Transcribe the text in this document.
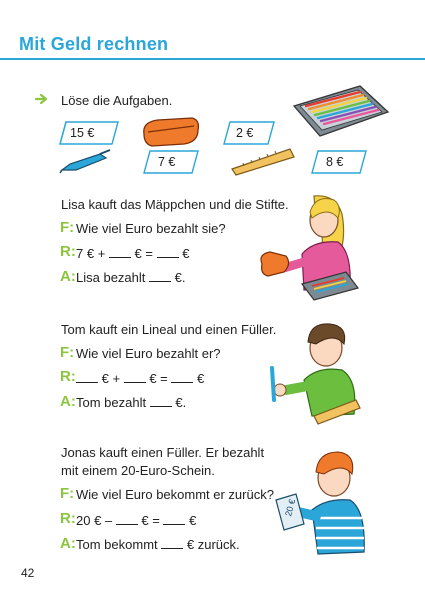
Mit Geld rechnen
Löse die Aufgaben.
15 €
7 €
2 €
8 €
Lisa kauft das Mäppchen und die Stifte.
F: Wie viel Euro bezahlt sie?
R: 7 € + € = €
A: Lisa bezahlt €.
Tom kauft ein Lineal und einen Füller.
F: Wie viel Euro bezahlt er?
R:	€ + € = €
A: Tom bezahlt €.
Jonas kauft einen Füller. Er bezahlt
mit einem 20-Euro-Schein.
F: Wie viel Euro bekommt er zurück?
R: 20 € – € = €
A: Tom bekommt € zurück.
20 €
42
